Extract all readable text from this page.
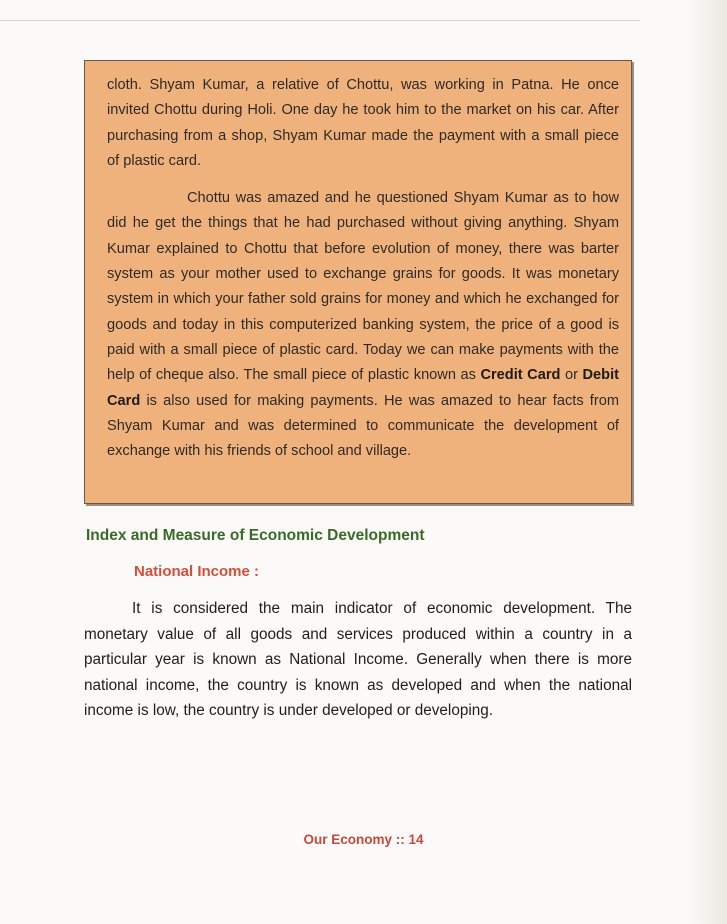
cloth. Shyam Kumar, a relative of Chottu, was working in Patna. He once invited Chottu during Holi. One day he took him to the market on his car. After purchasing from a shop, Shyam Kumar made the payment with a small piece of plastic card.

Chottu was amazed and he questioned Shyam Kumar as to how did he get the things that he had purchased without giving anything. Shyam Kumar explained to Chottu that before evolution of money, there was barter system as your mother used to exchange grains for goods. It was monetary system in which your father sold grains for money and which he exchanged for goods and today in this computerized banking system, the price of a good is paid with a small piece of plastic card. Today we can make payments with the help of cheque also. The small piece of plastic known as Credit Card or Debit Card is also used for making payments. He was amazed to hear facts from Shyam Kumar and was determined to communicate the development of exchange with his friends of school and village.

Index and Measure of Economic Development
National Income :

It is considered the main indicator of economic development. The monetary value of all goods and services produced within a country in a particular year is known as National Income. Generally when there is more national income, the country is known as developed and when the national income is low, the country is under developed or developing.

Our Economy :: 14
